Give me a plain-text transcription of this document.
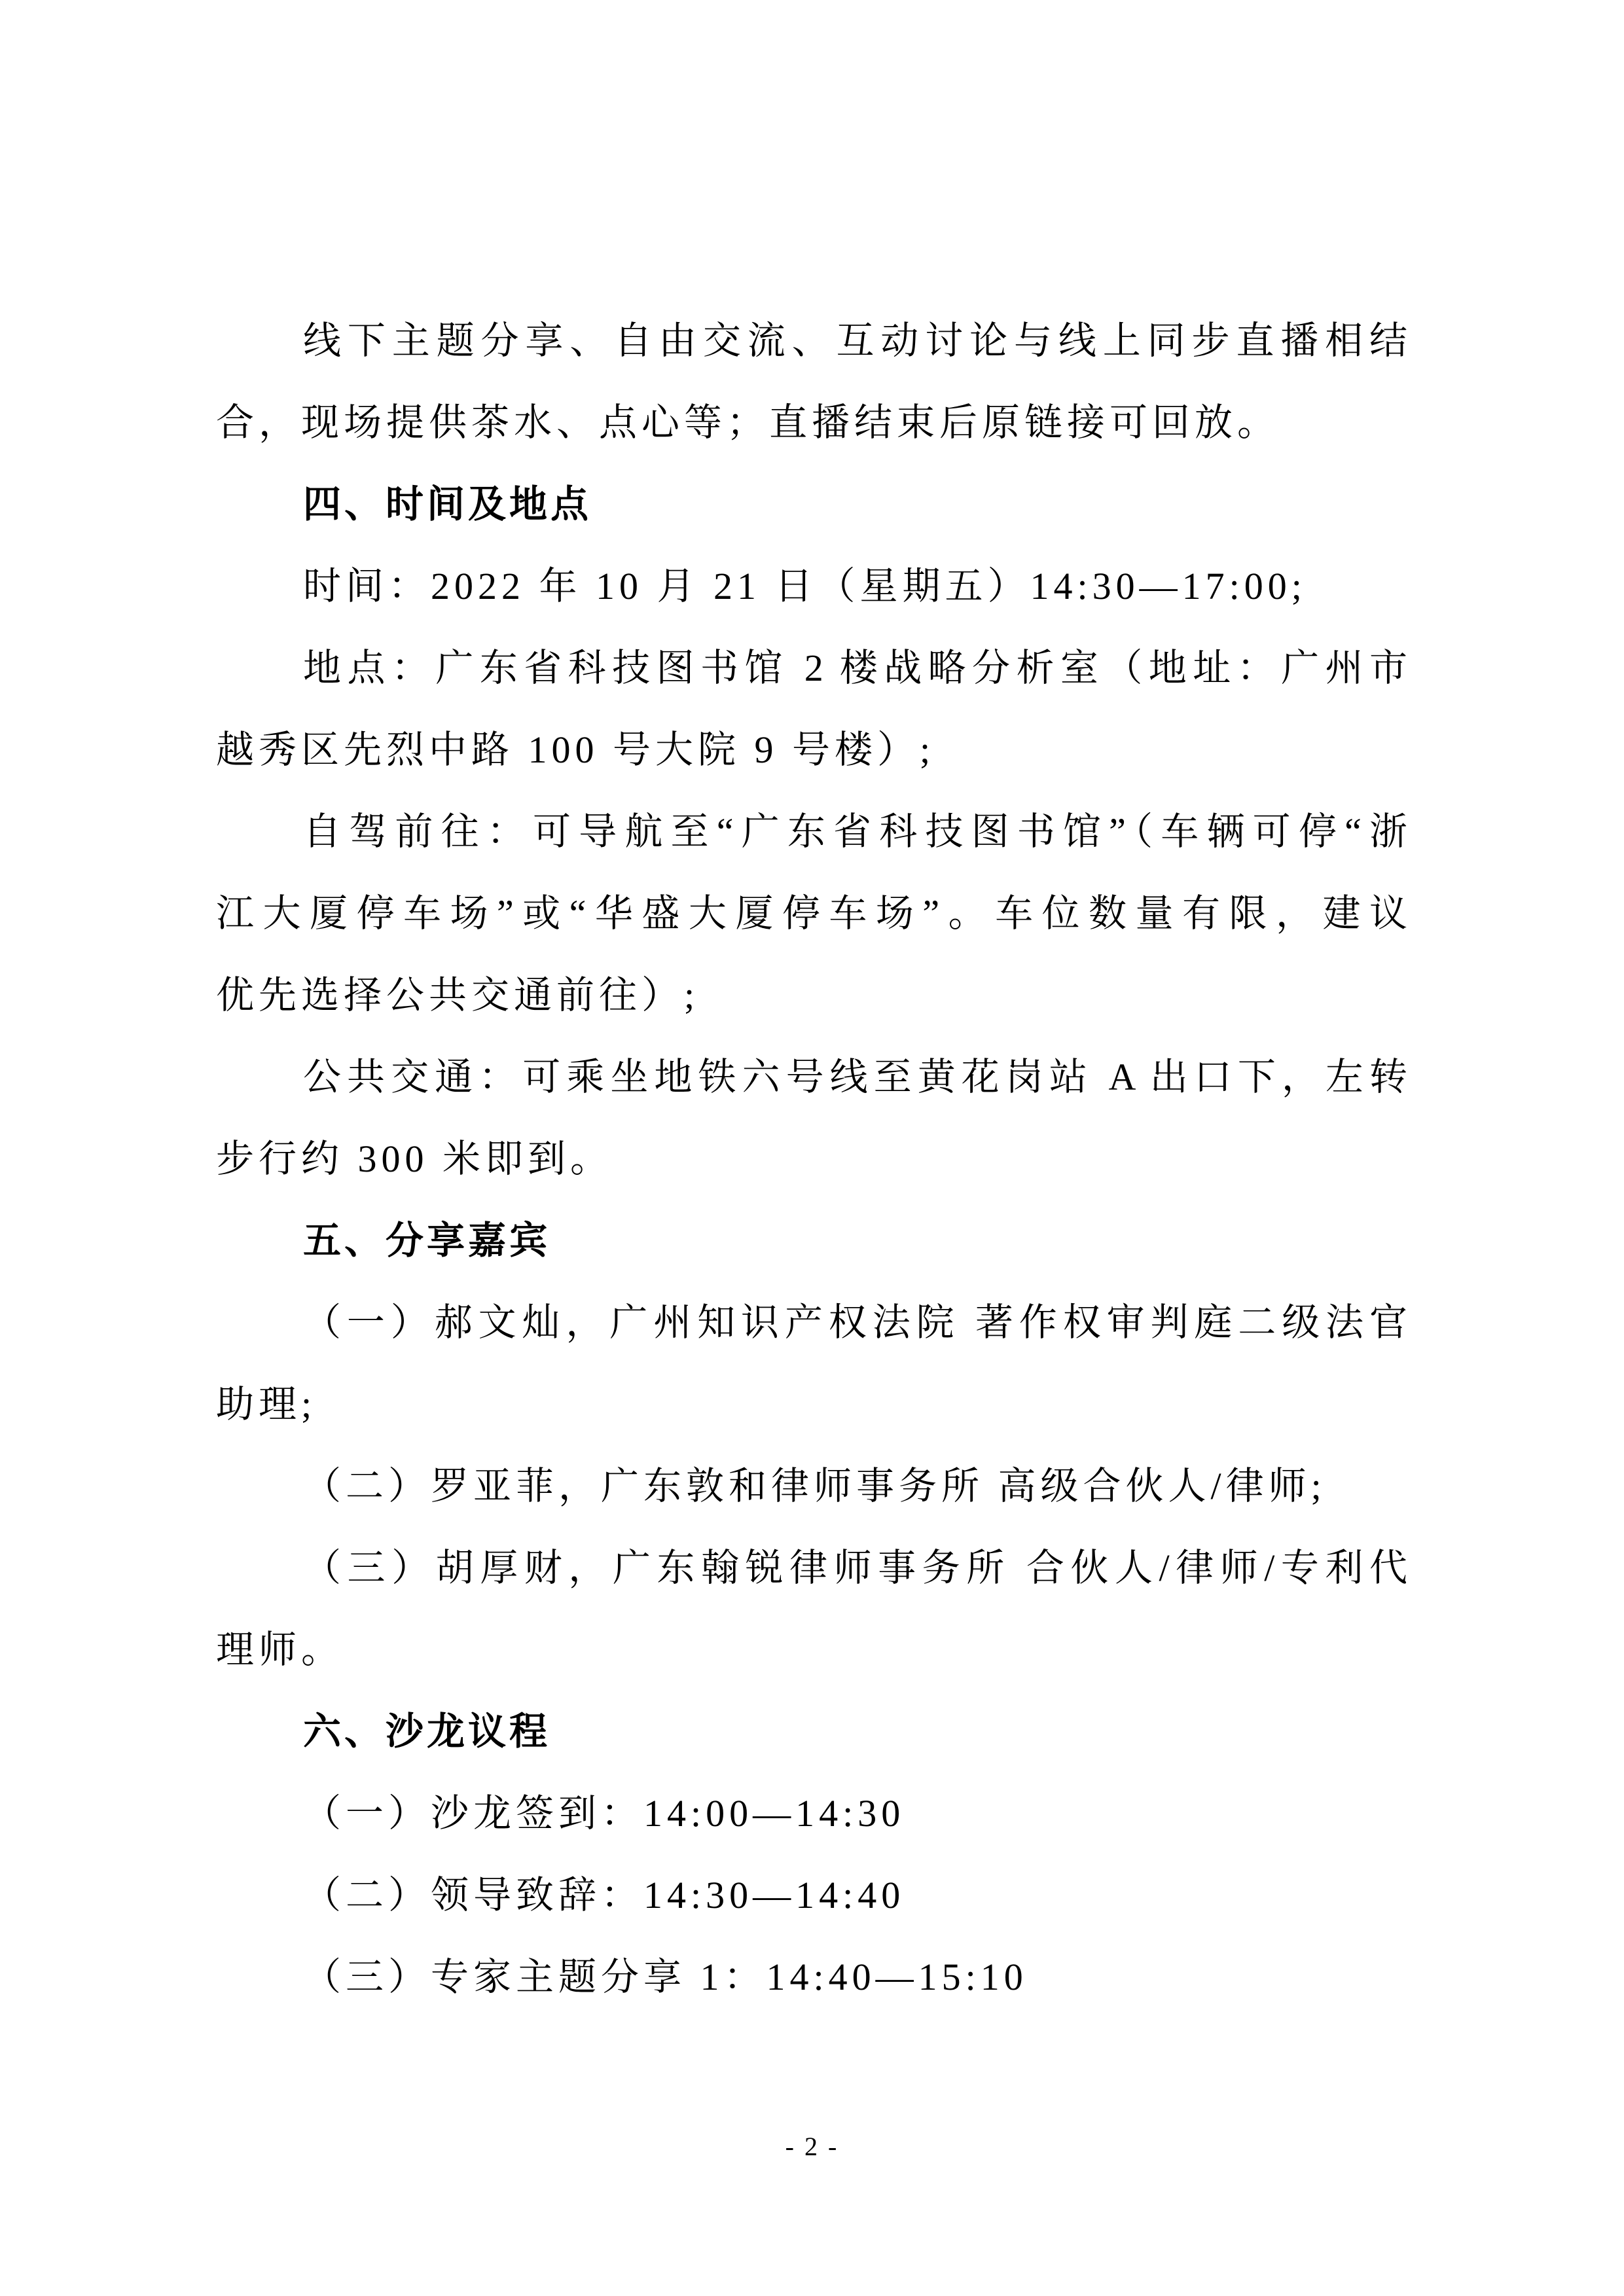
线下主题分享、自由交流、互动讨论与线上同步直播相结
合，现场提供茶水、点心等；直播结束后原链接可回放。
四、时间及地点
时间：2022 年 10 月 21 日（星期五）14:30—17:00;
地点：广东省科技图书馆 2 楼战略分析室（地址：广州市
越秀区先烈中路 100 号大院 9 号楼）;
自驾前往：可导航至“广东省科技图书馆”（车辆可停“浙
江大厦停车场”或“华盛大厦停车场”。车位数量有限，建议
优先选择公共交通前往）;
公共交通：可乘坐地铁六号线至黄花岗站 A 出口下，左转
步行约 300 米即到。
五、分享嘉宾
（一）郝文灿，广州知识产权法院 著作权审判庭二级法官
助理;
（二）罗亚菲，广东敦和律师事务所 高级合伙人/律师;
（三）胡厚财，广东翰锐律师事务所 合伙人/律师/专利代
理师。
六、沙龙议程
（一）沙龙签到：14:00—14:30
（二）领导致辞：14:30—14:40
（三）专家主题分享 1：14:40—15:10
- 2 -
